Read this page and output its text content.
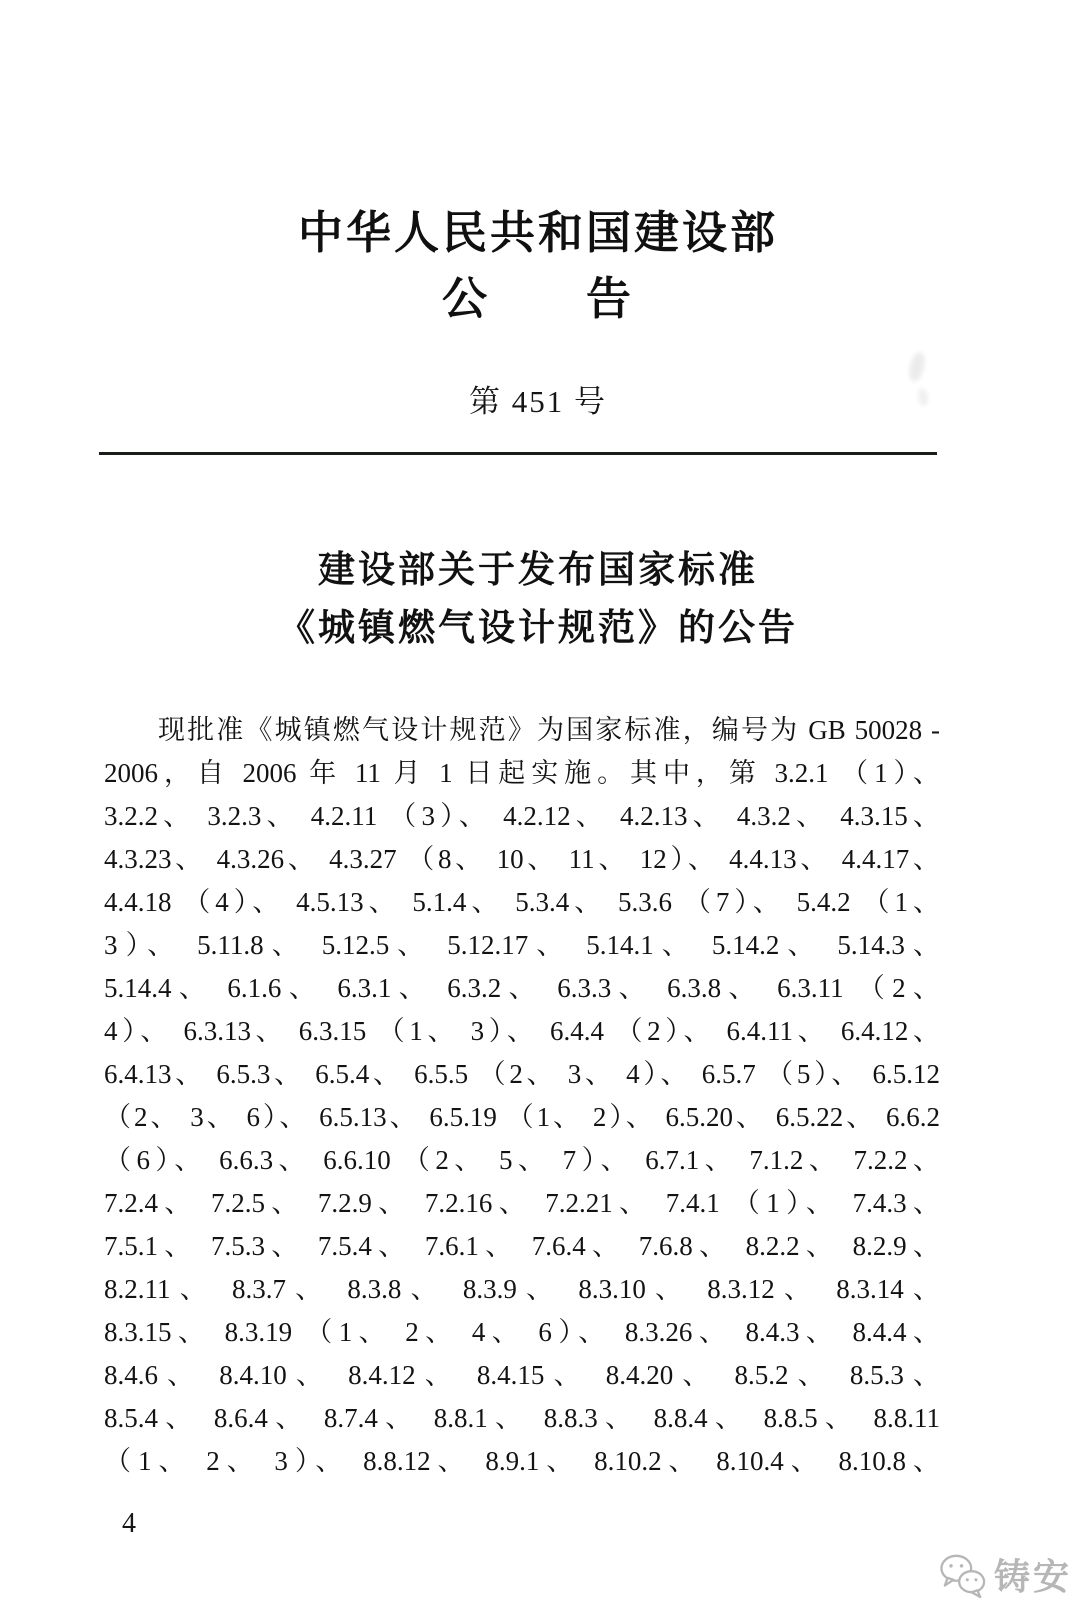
中华人民共和国建设部
公　　告
第 451 号
建设部关于发布国家标准
《城镇燃气设计规范》的公告
现批准《城镇燃气设计规范》为国家标准，编号为 GB 50028 -
2006，自 2006 年 11 月 1 日起实施。其中，第 3.2.1 （1）、
3.2.2、 3.2.3、 4.2.11 （3）、 4.2.12、 4.2.13、 4.3.2、 4.3.15、
4.3.23、 4.3.26、 4.3.27 （8、 10、 11、 12）、 4.4.13、 4.4.17、
4.4.18 （4）、 4.5.13、 5.1.4、 5.3.4、 5.3.6 （7）、 5.4.2 （1、
3）、 5.11.8、 5.12.5、 5.12.17、 5.14.1、 5.14.2、 5.14.3、
5.14.4、 6.1.6、 6.3.1、 6.3.2、 6.3.3、 6.3.8、 6.3.11 （2、
4）、 6.3.13、 6.3.15 （1、 3）、 6.4.4 （2）、 6.4.11、 6.4.12、
6.4.13、 6.5.3、 6.5.4、 6.5.5 （2、 3、 4）、 6.5.7 （5）、 6.5.12
（2、 3、 6）、 6.5.13、 6.5.19 （1、 2）、 6.5.20、 6.5.22、 6.6.2
（6）、 6.6.3、 6.6.10 （2、 5、 7）、 6.7.1、 7.1.2、 7.2.2、
7.2.4、 7.2.5、 7.2.9、 7.2.16、 7.2.21、 7.4.1 （1）、 7.4.3、
7.5.1、 7.5.3、 7.5.4、 7.6.1、 7.6.4、 7.6.8、 8.2.2、 8.2.9、
8.2.11、 8.3.7、 8.3.8、 8.3.9、 8.3.10、 8.3.12、 8.3.14、
8.3.15、 8.3.19 （1、 2、 4、 6）、 8.3.26、 8.4.3、 8.4.4、
8.4.6、 8.4.10、 8.4.12、 8.4.15、 8.4.20、 8.5.2、 8.5.3、
8.5.4、 8.6.4、 8.7.4、 8.8.1、 8.8.3、 8.8.4、 8.8.5、 8.8.11
（1、 2、 3）、 8.8.12、 8.9.1、 8.10.2、 8.10.4、 8.10.8、
4
铸安
